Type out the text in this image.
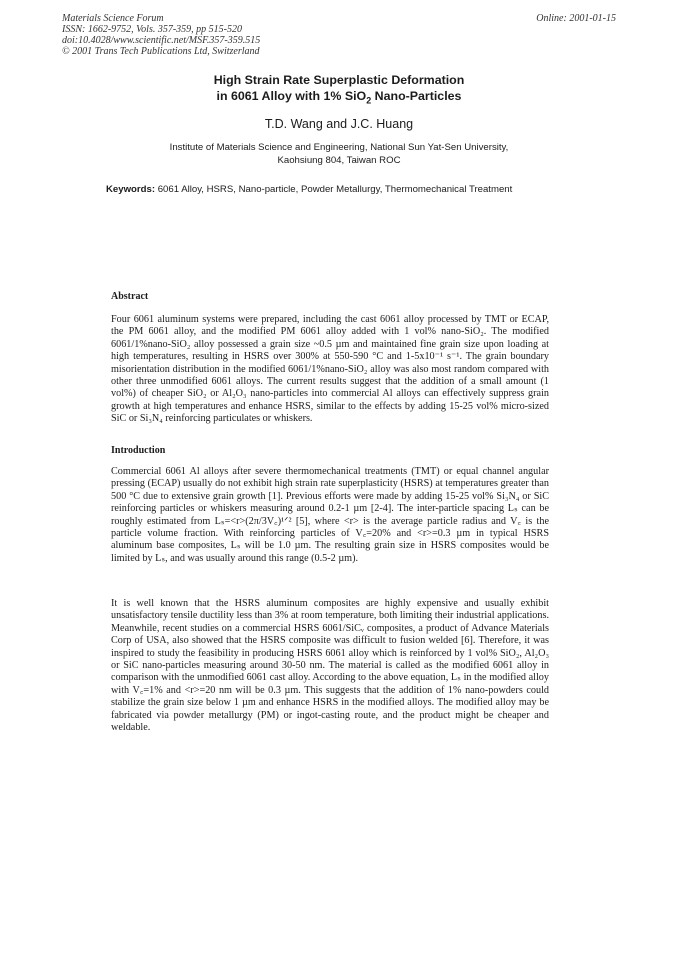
Materials Science Forum
ISSN: 1662-9752, Vols. 357-359, pp 515-520
doi:10.4028/www.scientific.net/MSF.357-359.515
© 2001 Trans Tech Publications Ltd, Switzerland
Online: 2001-01-15
High Strain Rate Superplastic Deformation
in 6061 Alloy with 1% SiO$_2$ Nano-Particles
T.D. Wang and J.C. Huang
Institute of Materials Science and Engineering, National Sun Yat-Sen University,
Kaohsiung 804, Taiwan ROC
Keywords: 6061 Alloy, HSRS, Nano-particle, Powder Metallurgy, Thermomechanical Treatment
Abstract
Four 6061 aluminum systems were prepared, including the cast 6061 alloy processed by TMT or ECAP, the PM 6061 alloy, and the modified PM 6061 alloy added with 1 vol% nano-SiO₂. The modified 6061/1%nano-SiO₂ alloy possessed a grain size ~0.5 µm and maintained fine grain size upon loading at high temperatures, resulting in HSRS over 300% at 550-590 °C and 1-5x10⁻¹ s⁻¹. The grain boundary misorientation distribution in the modified 6061/1%nano-SiO₂ alloy was also most random compared with other three unmodified 6061 alloys. The current results suggest that the addition of a small amount (1 vol%) of cheaper SiO₂ or Al₂O₃ nano-particles into commercial Al alloys can effectively suppress grain growth at high temperatures and enhance HSRS, similar to the effects by adding 15-25 vol% micro-sized SiC or Si₃N₄ reinforcing particulates or whiskers.
Introduction
Commercial 6061 Al alloys after severe thermomechanical treatments (TMT) or equal channel angular pressing (ECAP) usually do not exhibit high strain rate superplasticity (HSRS) at temperatures greater than 500 °C due to extensive grain growth [1]. Previous efforts were made by adding 15-25 vol% Si₃N₄ or SiC reinforcing particles or whiskers measuring around 0.2-1 µm [2-4]. The inter-particle spacing Lₛ can be roughly estimated from Lₛ=<r>(2π/3V꜀)¹ᐟ² [5], where <r> is the average particle radius and V꜀ is the particle volume fraction. With reinforcing particles of V꜀=20% and <r>=0.3 µm in typical HSRS aluminum base composites, Lₛ will be 1.0 µm. The resulting grain size in HSRS composites would be limited by Lₛ, and was usually around this range (0.5-2 µm).
It is well known that the HSRS aluminum composites are highly expensive and usually exhibit unsatisfactory tensile ductility less than 3% at room temperature, both limiting their industrial applications. Meanwhile, recent studies on a commercial HSRS 6061/SiCᵥ composites, a product of Advance Materials Corp of USA, also showed that the HSRS composite was difficult to fusion welded [6]. Therefore, it was inspired to study the feasibility in producing HSRS 6061 alloy which is reinforced by 1 vol% SiO₂, Al₂O₃ or SiC nano-particles measuring around 30-50 nm. The material is called as the modified 6061 alloy in comparison with the unmodified 6061 cast alloy. According to the above equation, Lₛ in the modified alloy with V꜀=1% and <r>=20 nm will be 0.3 µm. This suggests that the addition of 1% nano-powders could stabilize the grain size below 1 µm and enhance HSRS in the modified alloys. The modified alloy may be fabricated via powder metallurgy (PM) or ingot-casting route, and the product might be cheaper and weldable.
